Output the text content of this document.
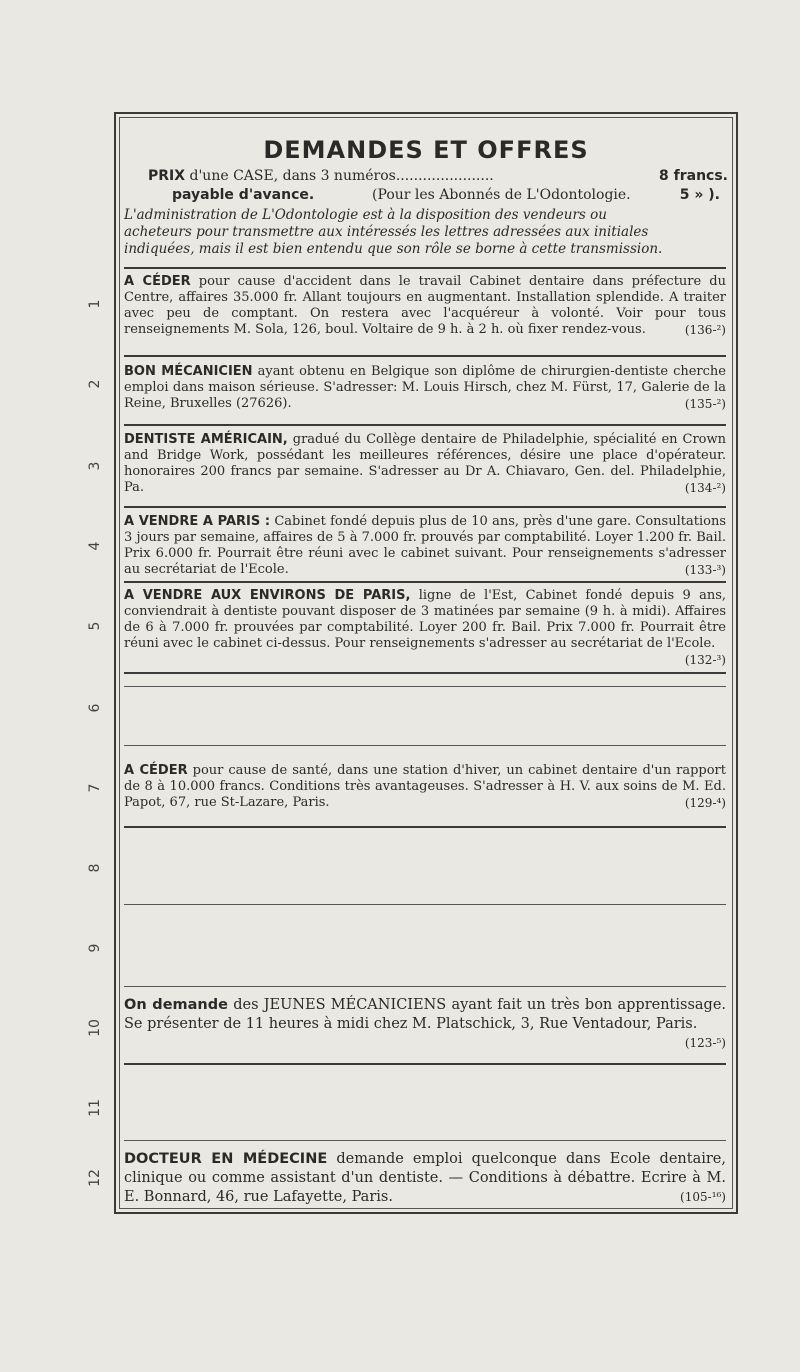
1
2
3
4
5
6
7
8
9
10
11
12
DEMANDES ET OFFRES
PRIX d'une CASE, dans 3 numéros......................	8 francs.
payable d'avance.	(Pour les Abonnés de L'Odontologie.	5 » ).
L'administration de L'Odontologie est à la disposition des vendeurs ou
acheteurs pour transmettre aux intéressés les lettres adressées aux initiales
indiquées, mais il est bien entendu que son rôle se borne à cette transmission.
A CÉDER pour cause d'accident dans le travail Cabinet dentaire dans préfecture du Centre, affaires 35.000 fr. Allant toujours en augmentant. Installation splendide. A traiter avec peu de comptant. On restera avec l'acquéreur à volonté. Voir pour tous renseignements M. Sola, 126, boul. Voltaire de 9 h. à 2 h. où fixer rendez-vous.	(136-²)
BON MÉCANICIEN ayant obtenu en Belgique son diplôme de chirurgien-dentiste cherche emploi dans maison sérieuse. S'adresser: M. Louis Hirsch, chez M. Fürst, 17, Galerie de la Reine, Bruxelles (27626).	(135-²)
DENTISTE AMÉRICAIN, gradué du Collège dentaire de Philadelphie, spécialité en Crown and Bridge Work, possédant les meilleures références, désire une place d'opérateur. honoraires 200 francs par semaine. S'adresser au Dr A. Chiavaro, Gen. del. Philadelphie, Pa.	(134-²)
A VENDRE A PARIS : Cabinet fondé depuis plus de 10 ans, près d'une gare. Consultations 3 jours par semaine, affaires de 5 à 7.000 fr. prouvés par comptabilité. Loyer 1.200 fr. Bail. Prix 6.000 fr. Pourrait être réuni avec le cabinet suivant. Pour renseignements s'adresser au secrétariat de l'Ecole.	(133-³)
A VENDRE AUX ENVIRONS DE PARIS, ligne de l'Est, Cabinet fondé depuis 9 ans, conviendrait à dentiste pouvant disposer de 3 matinées par semaine (9 h. à midi). Affaires de 6 à 7.000 fr. prouvées par comptabilité. Loyer 200 fr. Bail. Prix 7.000 fr. Pourrait être réuni avec le cabinet ci-dessus. Pour renseignements s'adresser au secrétariat de l'Ecole.
(132-³)
A CÉDER pour cause de santé, dans une station d'hiver, un cabinet dentaire d'un rapport de 8 à 10.000 francs. Conditions très avantageuses. S'adresser à H. V. aux soins de M. Ed. Papot, 67, rue St-Lazare, Paris.	(129-⁴)
On demande des JEUNES MÉCANICIENS ayant fait un très bon apprentissage. Se présenter de 11 heures à midi chez M. Platschick, 3, Rue Ventadour, Paris.
(123-⁵)
DOCTEUR EN MÉDECINE demande emploi quelconque dans Ecole dentaire, clinique ou comme assistant d'un dentiste. — Conditions à débattre. Ecrire à M. E. Bonnard, 46, rue Lafayette, Paris.	(105-¹⁶)
